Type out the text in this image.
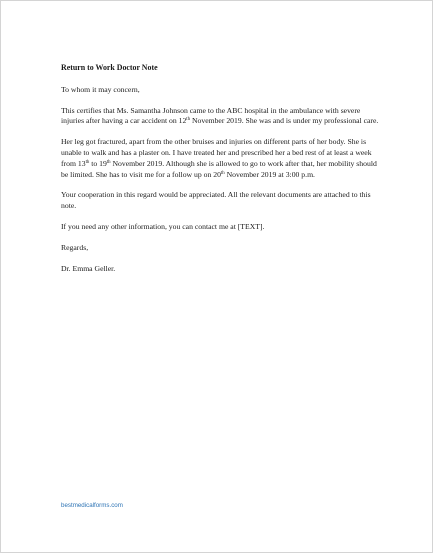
Return to Work Doctor Note

To whom it may concern,

This certifies that Ms. Samantha Johnson came to the ABC hospital in the ambulance with severe injuries after having a car accident on 12th November 2019. She was and is under my professional care.

Her leg got fractured, apart from the other bruises and injuries on different parts of her body. She is unable to walk and has a plaster on. I have treated her and prescribed her a bed rest of at least a week from 13th to 19th November 2019. Although she is allowed to go to work after that, her mobility should be limited. She has to visit me for a follow up on 20th November 2019 at 3:00 p.m.

Your cooperation in this regard would be appreciated. All the relevant documents are attached to this note.

If you need any other information, you can contact me at [TEXT].

Regards,

Dr. Emma Geller.

bestmedicalforms.com
